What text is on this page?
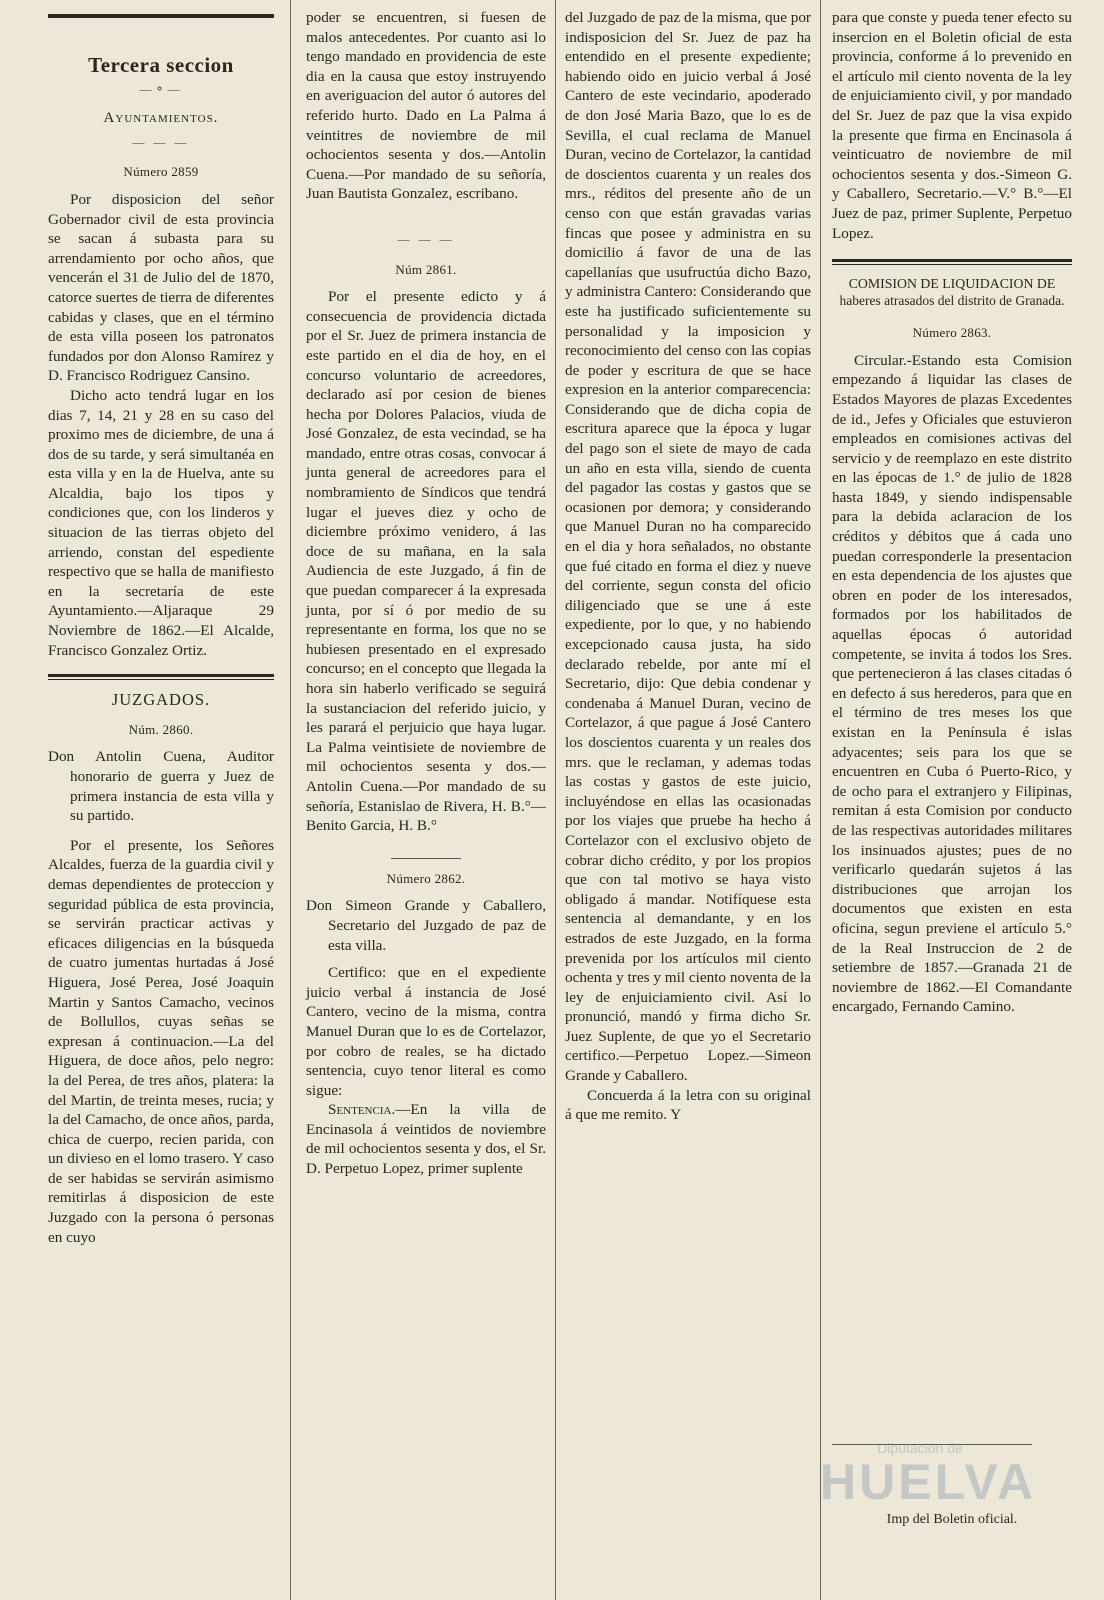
Tercera seccion
—⚬—
Ayuntamientos.
— — —
Número 2859

Por disposicion del señor Gobernador civil de esta provincia se sacan á subasta para su arrendamiento por ocho años, que vencerán el 31 de Julio del de 1870, catorce suertes de tierra de diferentes cabidas y clases, que en el término de esta villa poseen los patronatos fundados por don Alonso Ramirez y D. Francisco Rodriguez Cansino.

Dicho acto tendrá lugar en los dias 7, 14, 21 y 28 en su caso del proximo mes de diciembre, de una á dos de su tarde, y será simultanéa en esta villa y en la de Huelva, ante su Alcaldia, bajo los tipos y condiciones que, con los linderos y situacion de las tierras objeto del arriendo, constan del espediente respectivo que se halla de manifiesto en la secretaría de este Ayuntamiento.—Aljaraque 29 Noviembre de 1862.—El Alcalde, Francisco Gonzalez Ortiz.

JUZGADOS.
Núm. 2860.

Don Antolin Cuena, Auditor honorario de guerra y Juez de primera instancia de esta villa y su partido.

Por el presente, los Señores Alcaldes, fuerza de la guardia civil y demas dependientes de proteccion y seguridad pública de esta provincia, se servirán practicar activas y eficaces diligencias en la búsqueda de cuatro jumentas hurtadas á José Higuera, José Perea, José Joaquin Martin y Santos Camacho, vecinos de Bollullos, cuyas señas se expresan á continuacion.—La del Higuera, de doce años, pelo negro: la del Perea, de tres años, platera: la del Martin, de treinta meses, rucia; y la del Camacho, de once años, parda, chica de cuerpo, recien parida, con un divieso en el lomo trasero. Y caso de ser habidas se servirán asimismo remitirlas á disposicion de este Juzgado con la persona ó personas en cuyo

poder se encuentren, si fuesen de malos antecedentes. Por cuanto asi lo tengo mandado en providencia de este dia en la causa que estoy instruyendo en averiguacion del autor ó autores del referido hurto. Dado en La Palma á veintitres de noviembre de mil ochocientos sesenta y dos.—Antolin Cuena.—Por mandado de su señoría, Juan Bautista Gonzalez, escribano.

— — —
Núm 2861.

Por el presente edicto y á consecuencia de providencia dictada por el Sr. Juez de primera instancia de este partido en el dia de hoy, en el concurso voluntario de acreedores, declarado así por cesion de bienes hecha por Dolores Palacios, viuda de José Gonzalez, de esta vecindad, se ha mandado, entre otras cosas, convocar á junta general de acreedores para el nombramiento de Síndicos que tendrá lugar el jueves diez y ocho de diciembre próximo venidero, á las doce de su mañana, en la sala Audiencia de este Juzgado, á fin de que puedan comparecer á la expresada junta, por sí ó por medio de su representante en forma, los que no se hubiesen presentado en el expresado concurso; en el concepto que llegada la hora sin haberlo verificado se seguirá la sustanciacion del referido juicio, y les parará el perjuicio que haya lugar. La Palma veintisiete de noviembre de mil ochocientos sesenta y dos.—Antolin Cuena.—Por mandado de su señoría, Estanislao de Rivera, H. B.°—Benito Garcia, H. B.°

Número 2862.

Don Simeon Grande y Caballero, Secretario del Juzgado de paz de esta villa.

Certifico: que en el expediente juicio verbal á instancia de José Cantero, vecino de la misma, contra Manuel Duran que lo es de Cortelazor, por cobro de reales, se ha dictado sentencia, cuyo tenor literal es como sigue:

Sentencia.—En la villa de Encinasola á veintidos de noviembre de mil ochocientos sesenta y dos, el Sr. D. Perpetuo Lopez, primer suplente

del Juzgado de paz de la misma, que por indisposicion del Sr. Juez de paz ha entendido en el presente expediente; habiendo oido en juicio verbal á José Cantero de este vecindario, apoderado de don José Maria Bazo, que lo es de Sevilla, el cual reclama de Manuel Duran, vecino de Cortelazor, la cantidad de doscientos cuarenta y un reales dos mrs., réditos del presente año de un censo con que están gravadas varias fincas que posee y administra en su domicilio á favor de una de las capellanías que usufructúa dicho Bazo, y administra Cantero: Considerando que este ha justificado suficientemente su personalidad y la imposicion y reconocimiento del censo con las copias de poder y escritura de que se hace expresion en la anterior comparecencia: Considerando que de dicha copia de escritura aparece que la época y lugar del pago son el siete de mayo de cada un año en esta villa, siendo de cuenta del pagador las costas y gastos que se ocasionen por demora; y considerando que Manuel Duran no ha comparecido en el dia y hora señalados, no obstante que fué citado en forma el diez y nueve del corriente, segun consta del oficio diligenciado que se une á este expediente, por lo que, y no habiendo excepcionado causa justa, ha sido declarado rebelde, por ante mí el Secretario, dijo: Que debia condenar y condenaba á Manuel Duran, vecino de Cortelazor, á que pague á José Cantero los doscientos cuarenta y un reales dos mrs. que le reclaman, y ademas todas las costas y gastos de este juicio, incluyéndose en ellas las ocasionadas por los viajes que pruebe ha hecho á Cortelazor con el exclusivo objeto de cobrar dicho crédito, y por los propios que con tal motivo se haya visto obligado á mandar. Notifíquese esta sentencia al demandante, y en los estrados de este Juzgado, en la forma prevenida por los artículos mil ciento ochenta y tres y mil ciento noventa de la ley de enjuiciamiento civil. Así lo pronunció, mandó y firma dicho Sr. Juez Suplente, de que yo el Secretario certifico.—Perpetuo Lopez.—Simeon Grande y Caballero.

Concuerda á la letra con su original á que me remito. Y

para que conste y pueda tener efecto su insercion en el Boletin oficial de esta provincia, conforme á lo prevenido en el artículo mil ciento noventa de la ley de enjuiciamiento civil, y por mandado del Sr. Juez de paz que la visa expido la presente que firma en Encinasola á veinticuatro de noviembre de mil ochocientos sesenta y dos.-Simeon G. y Caballero, Secretario.—V.° B.°—El Juez de paz, primer Suplente, Perpetuo Lopez.

COMISION DE LIQUIDACION DE
haberes atrasados del distrito de Granada.
Número 2863.

Circular.-Estando esta Comision empezando á liquidar las clases de Estados Mayores de plazas Excedentes de id., Jefes y Oficiales que estuvieron empleados en comisiones activas del servicio y de reemplazo en este distrito en las épocas de 1.° de julio de 1828 hasta 1849, y siendo indispensable para la debida aclaracion de los créditos y débitos que á cada uno puedan corresponderle la presentacion en esta dependencia de los ajustes que obren en poder de los interesados, formados por los habilitados de aquellas épocas ó autoridad competente, se invita á todos los Sres. que pertenecieron á las clases citadas ó en defecto á sus herederos, para que en el término de tres meses los que existan en la Península é islas adyacentes; seis para los que se encuentren en Cuba ó Puerto-Rico, y de ocho para el extranjero y Filipinas, remitan á esta Comision por conducto de las respectivas autoridades militares los insinuados ajustes; pues de no verificarlo quedarán sujetos á las distribuciones que arrojan los documentos que existen en esta oficina, segun previene el artículo 5.° de la Real Instruccion de 2 de setiembre de 1857.—Granada 21 de noviembre de 1862.—El Comandante encargado, Fernando Camino.

Diputación de
HUELVA
Imp del Boletin oficial.
